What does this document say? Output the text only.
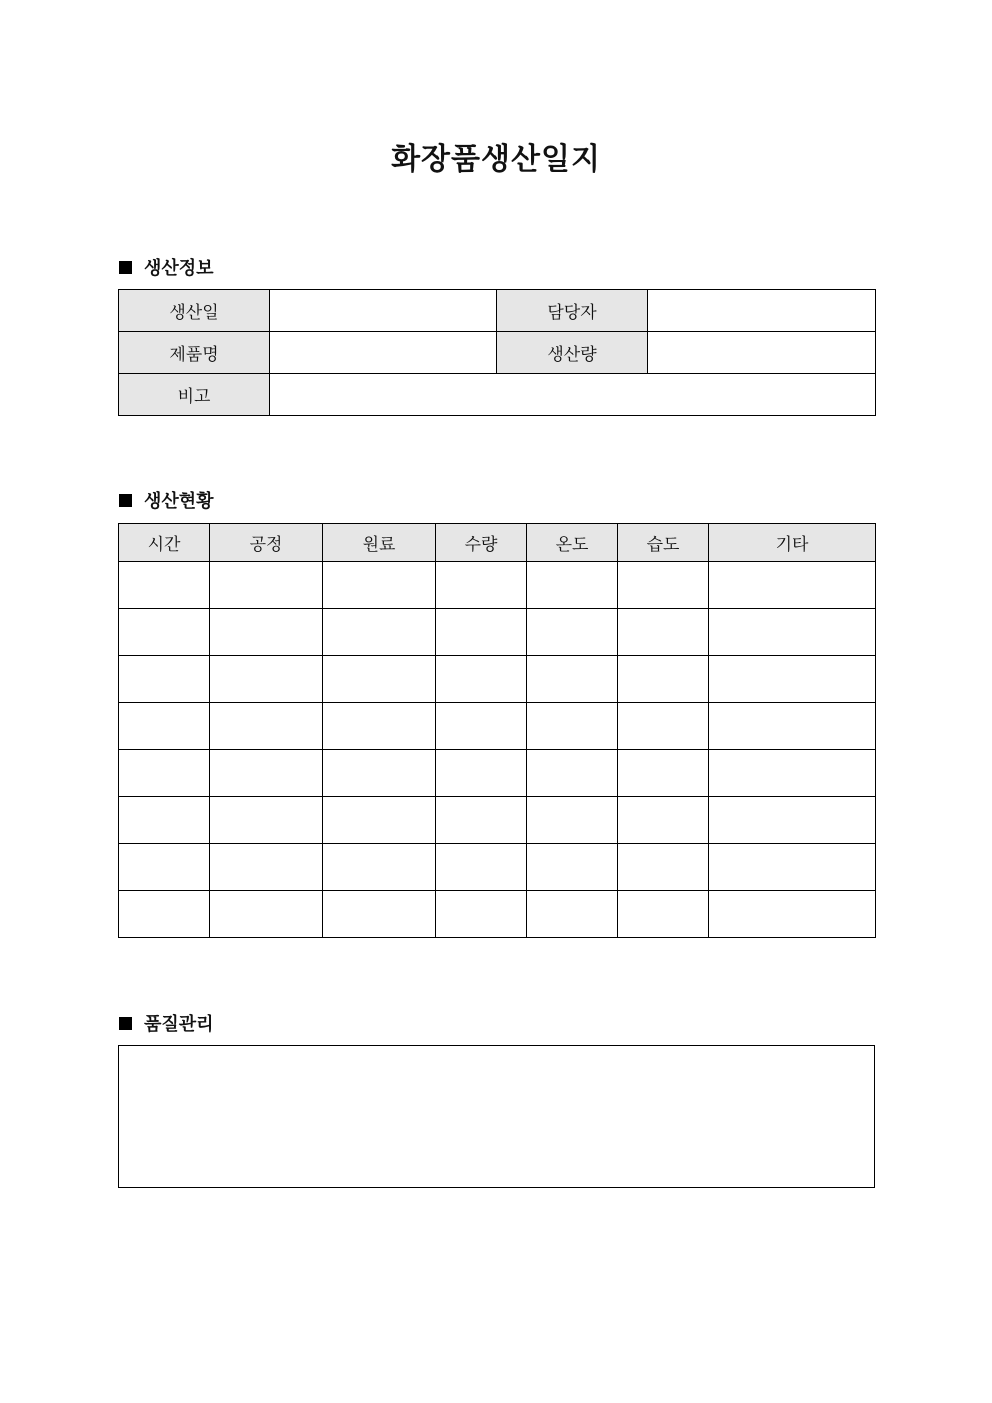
화장품생산일지
생산정보
생산일		담당자	
제품명		생산량	
비고			
생산현황
시간	공정	원료	수량	온도	습도	기타

품질관리
